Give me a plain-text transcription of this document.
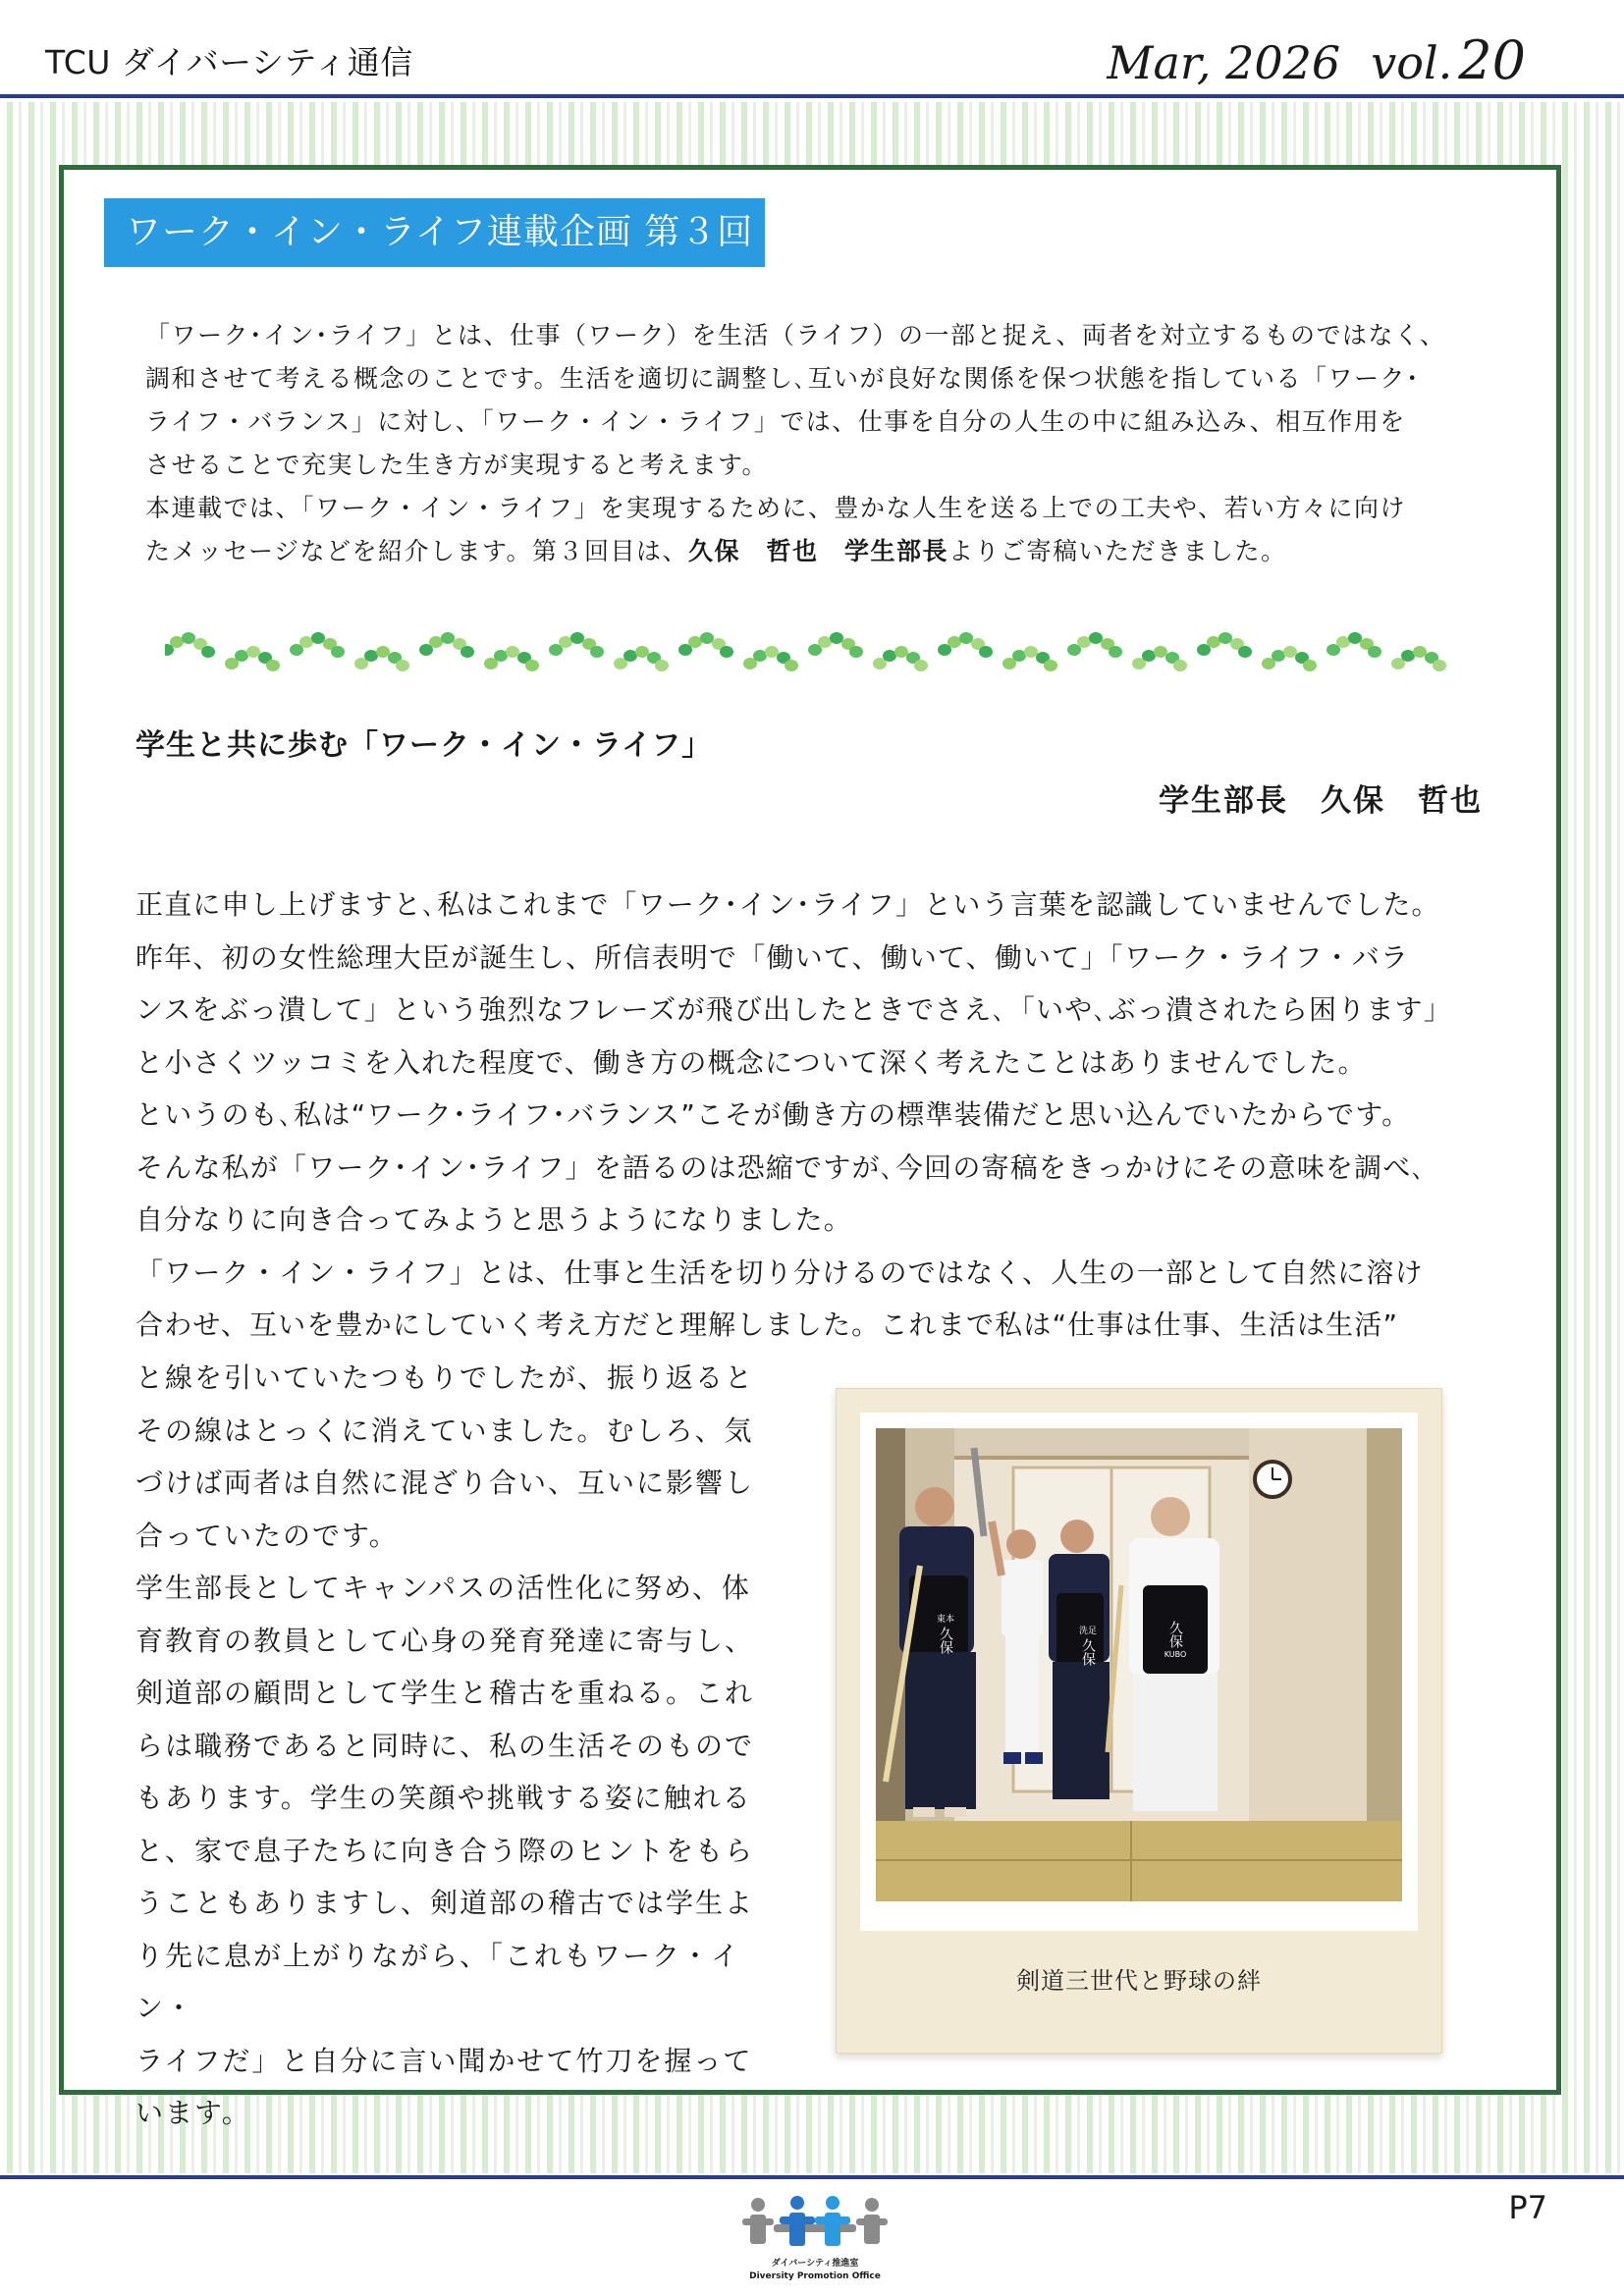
TCU ダイバーシティ通信	Mar, 2026 vol. 20
ワーク・イン・ライフ連載企画 第３回

「ワーク･イン･ライフ」とは、仕事（ワーク）を生活（ライフ）の一部と捉え、両者を対立するものではなく、

調和させて考える概念のことです。生活を適切に調整し､互いが良好な関係を保つ状態を指している「ワーク･

ライフ・バランス」に対し、「ワーク・イン・ライフ」では、仕事を自分の人生の中に組み込み、相互作用を

させることで充実した生き方が実現すると考えます。

本連載では、「ワーク・イン・ライフ」を実現するために、豊かな人生を送る上での工夫や、若い方々に向け

たメッセージなどを紹介します。第３回目は、久保　哲也　学生部長よりご寄稿いただきました。

学生と共に歩む「ワーク・イン・ライフ」
学生部長　久保　哲也

正直に申し上げますと､私はこれまで「ワーク･イン･ライフ」という言葉を認識していませんでした。

昨年、初の女性総理大臣が誕生し、所信表明で「働いて、働いて、働いて」「ワーク・ライフ・バラ

ンスをぶっ潰して」という強烈なフレーズが飛び出したときでさえ､「いや､ぶっ潰されたら困ります」

と小さくツッコミを入れた程度で、働き方の概念について深く考えたことはありませんでした。

というのも､私は“ワーク･ライフ･バランス”こそが働き方の標準装備だと思い込んでいたからです。

そんな私が「ワーク･イン･ライフ」を語るのは恐縮ですが､今回の寄稿をきっかけにその意味を調べ､

自分なりに向き合ってみようと思うようになりました。

「ワーク・イン・ライフ」とは、仕事と生活を切り分けるのではなく、人生の一部として自然に溶け

合わせ、互いを豊かにしていく考え方だと理解しました。これまで私は“仕事は仕事、生活は生活”

と線を引いていたつもりでしたが、振り返ると

その線はとっくに消えていました。むしろ、気

づけば両者は自然に混ざり合い、互いに影響し

合っていたのです。

学生部長としてキャンパスの活性化に努め、体

育教育の教員として心身の発育発達に寄与し、

剣道部の顧問として学生と稽古を重ねる。これ

らは職務であると同時に、私の生活そのもので

もあります。学生の笑顔や挑戦する姿に触れる

と、家で息子たちに向き合う際のヒントをもら

うこともありますし、剣道部の稽古では学生よ

り先に息が上がりながら、「これもワーク・イン・

ライフだ」と自分に言い聞かせて竹刀を握って

います。

東本
久保	洗足
久保
久保
KUBO
剣道三世代と野球の絆
ダイバーシティ推進室
Diversity Promotion Office
P7
